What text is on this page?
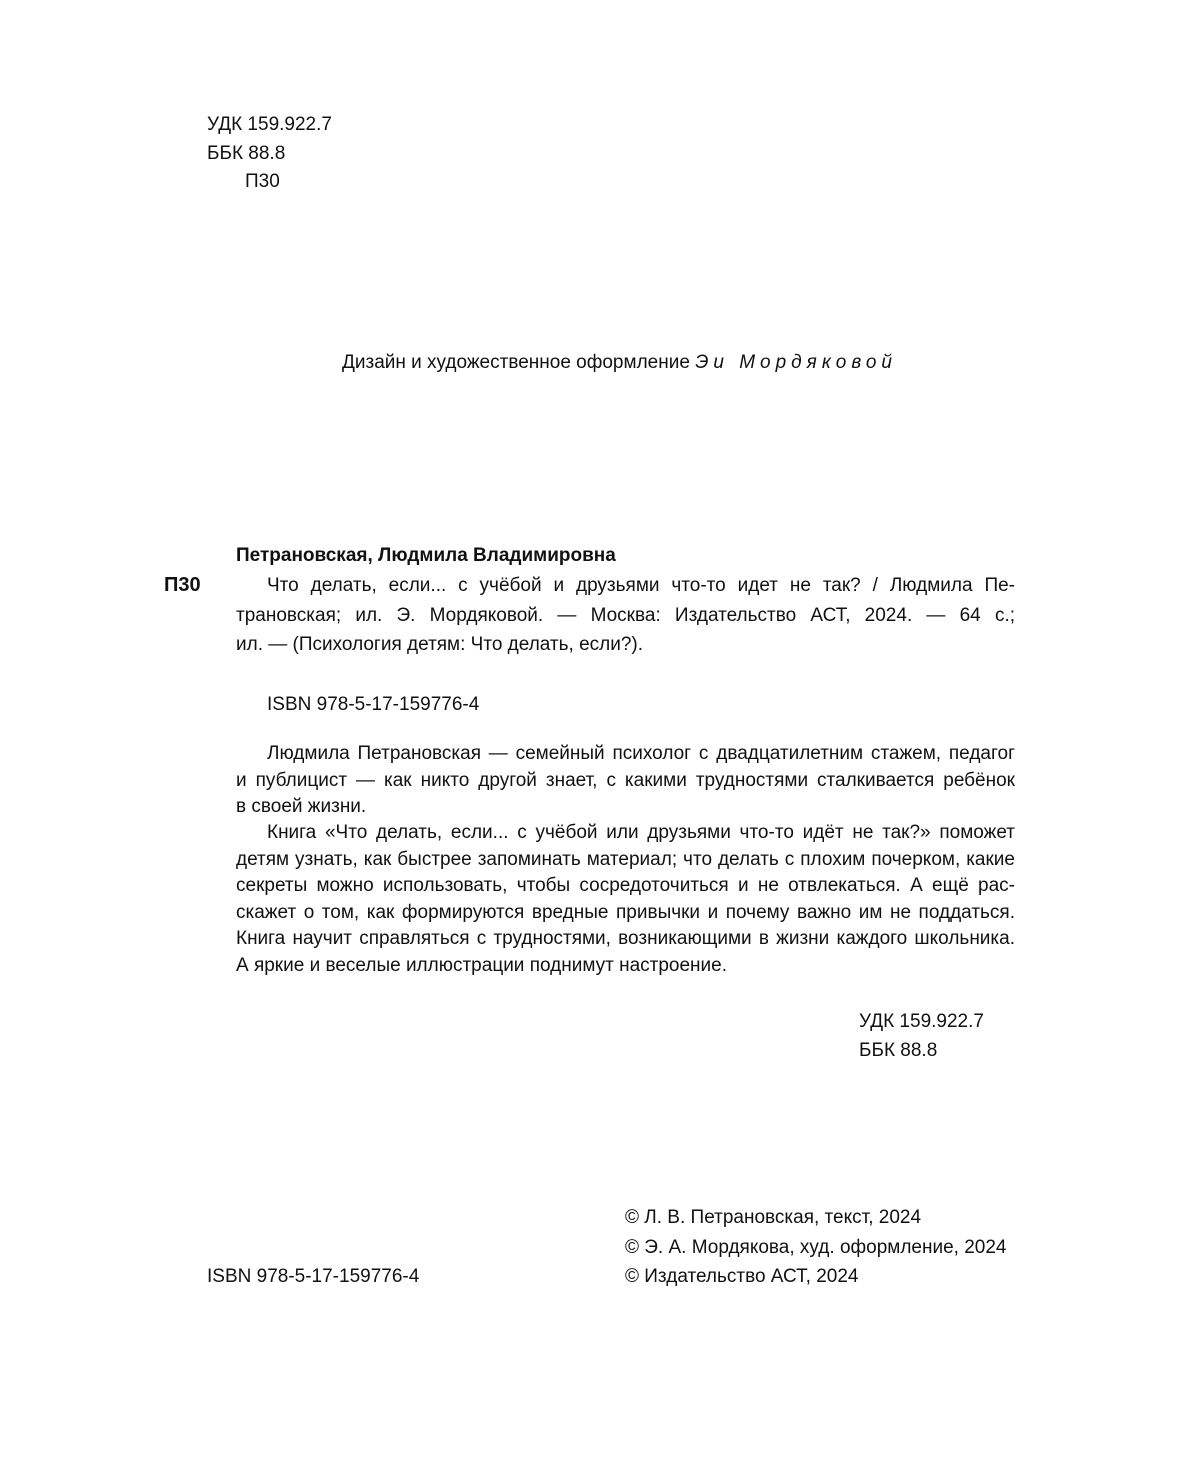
УДК 159.922.7
ББК 88.8
П30
Дизайн и художественное оформление Эи Мордяковой
Петрановская, Людмила Владимировна
П30	Что делать, если... с учёбой и друзьями что-то идет не так? / Людмила Пе-
трановская; ил. Э. Мордяковой. — Москва: Издательство АСТ, 2024. — 64 с.;
ил. — (Психология детям: Что делать, если?).
ISBN 978-5-17-159776-4
Людмила Петрановская — семейный психолог с двадцатилетним стажем, педагог
и публицист — как никто другой знает, с какими трудностями сталкивается ребёнок
в своей жизни.
Книга «Что делать, если... с учёбой или друзьями что-то идёт не так?» поможет
детям узнать, как быстрее запоминать материал; что делать с плохим почерком, какие
секреты можно использовать, чтобы сосредоточиться и не отвлекаться. А ещё рас-
скажет о том, как формируются вредные привычки и почему важно им не поддаться.
Книга научит справляться с трудностями, возникающими в жизни каждого школьника.
А яркие и веселые иллюстрации поднимут настроение.
УДК 159.922.7
ББК 88.8
© Л. В. Петрановская, текст, 2024
© Э. А. Мордякова, худ. оформление, 2024
ISBN 978-5-17-159776-4	© Издательство АСТ, 2024
